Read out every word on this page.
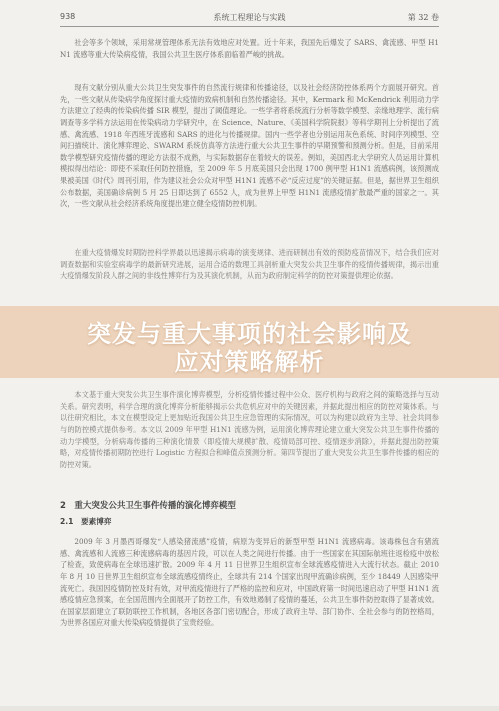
938	系统工程理论与实践	第 32 卷

社会等多个领域，采用常规管理体系无法有效地应对处置。近十年来，我国先后爆发了 SARS、禽流感、甲型 H1N1 流感等重大传染病疫情，我国公共卫生医疗体系面临着严峻的挑战。

现有文献分别从重大公共卫生突发事件的自然流行规律和传播途径，以及社会经济防控体系两个方面展开研究。首先，一些文献从传染病学角度探讨重大疫情的致病机制和自然传播途径。其中，Kermark 和 McKendrick 利用动力学方法建立了经典的传染病传播 SIR 模型，提出了阈值理论。一些学者将系统流行分析等数学模型、亲缘地理学、流行病调查等多学科方法运用在传染病动力学研究中，在 Science、Nature、《美国科学院院报》等科学期刊上分析提出了流感、禽流感、1918 年西班牙流感和 SARS 的进化与传播规律。国内一些学者也分别运用灰色系统、时间序列模型、空间扫描统计、演化博弈理论、SWARM 系统仿真等方法进行重大公共卫生事件的早期预警和预测分析。但是，目前采用数学模型研究疫情传播的理论方法很不成熟，与实际数据存在着较大的误差。例如，美国西北大学研究人员运用计算机模拟得出结论：即使不采取任何防控措施，至 2009 年 5 月底美国只会出现 1700 例甲型 H1N1 流感病例，该预测成果被美国《时代》周刊引用，作为建议社会公众对甲型 H1N1 流感不必“反应过度”的关键证据。但是，据世界卫生组织公布数据，美国确诊病例 5 月 25 日即达到了 6552 人，成为世界上甲型 H1N1 流感疫情扩散最严重的国家之一。其次，一些文献从社会经济系统角度提出建立健全疫情防控机制。

在重大疫情爆发时期防控科学界最以迅速揭示病毒的演变规律、进而研制出有效的预防疫苗情况下，结合我们应对调查数据和实验室病毒学的最新研究进展，运用合适的数理工具剖析重大突发公共卫生事件的疫情传播规律，揭示出重大疫情爆发阶段人群之间的非线性博弈行为及其演化机制，从而为政府制定科学的防控对策提供理论依据。

本文基于重大突发公共卫生事件演化博弈模型，分析疫情传播过程中公众、医疗机构与政府之间的策略选择与互动关系。研究表明，科学合理的演化博弈分析能够揭示公共危机应对中的关键因素，并据此提出相应的防控对策体系。与以往研究相比，本文在模型设定上更加贴近我国公共卫生应急管理的实际情况，可以为构建以政府为主导、社会共同参与的防控模式提供参考。本文以 2009 年甲型 H1N1 流感为例，运用演化博弈理论建立重大突发公共卫生事件传播的动力学模型，分析病毒传播的三种演化情景（即疫情大规模扩散、疫情局部可控、疫情逐步消除），并据此提出防控策略，对疫情传播初期防控进行 Logistic 方程拟合和峰值点预测分析。第四节提出了重大突发公共卫生事件传播的相应的防控对策。

2　重大突发公共卫生事件传播的演化博弈模型
2.1　要素博弈

2009 年 3 月墨西哥爆发“人感染猪流感”疫情，病原为变异后的新型甲型 H1N1 流感病毒。该毒株包含有猪流感、禽流感和人流感三种流感病毒的基因片段，可以在人类之间进行传播。由于一些国家在其国际航班往返检疫中放松了检查，致使病毒在全球迅速扩散。2009 年 4 月 11 日世界卫生组织宣布全球流感疫情进入大流行状态。截止 2010 年 8 月 10 日世界卫生组织宣布全球流感疫情终止，全球共有 214 个国家出现甲流确诊病例，至少 18449 人因感染甲流死亡。我国因疫情防控及时有效，对甲流疫情进行了严格的监控和应对，中国政府第一时间迅速启动了甲型 H1N1 流感疫情应急预案，在全国范围内全面展开了防控工作，有效地遏制了疫情的蔓延，公共卫生事件防控取得了显著成效。在国家层面建立了联防联控工作机制，各地区各部门密切配合，形成了政府主导、部门协作、全社会参与的防控格局，为世界各国应对重大传染病疫情提供了宝贵经验。

突发与重大事项的社会影响及
应对策略解析
